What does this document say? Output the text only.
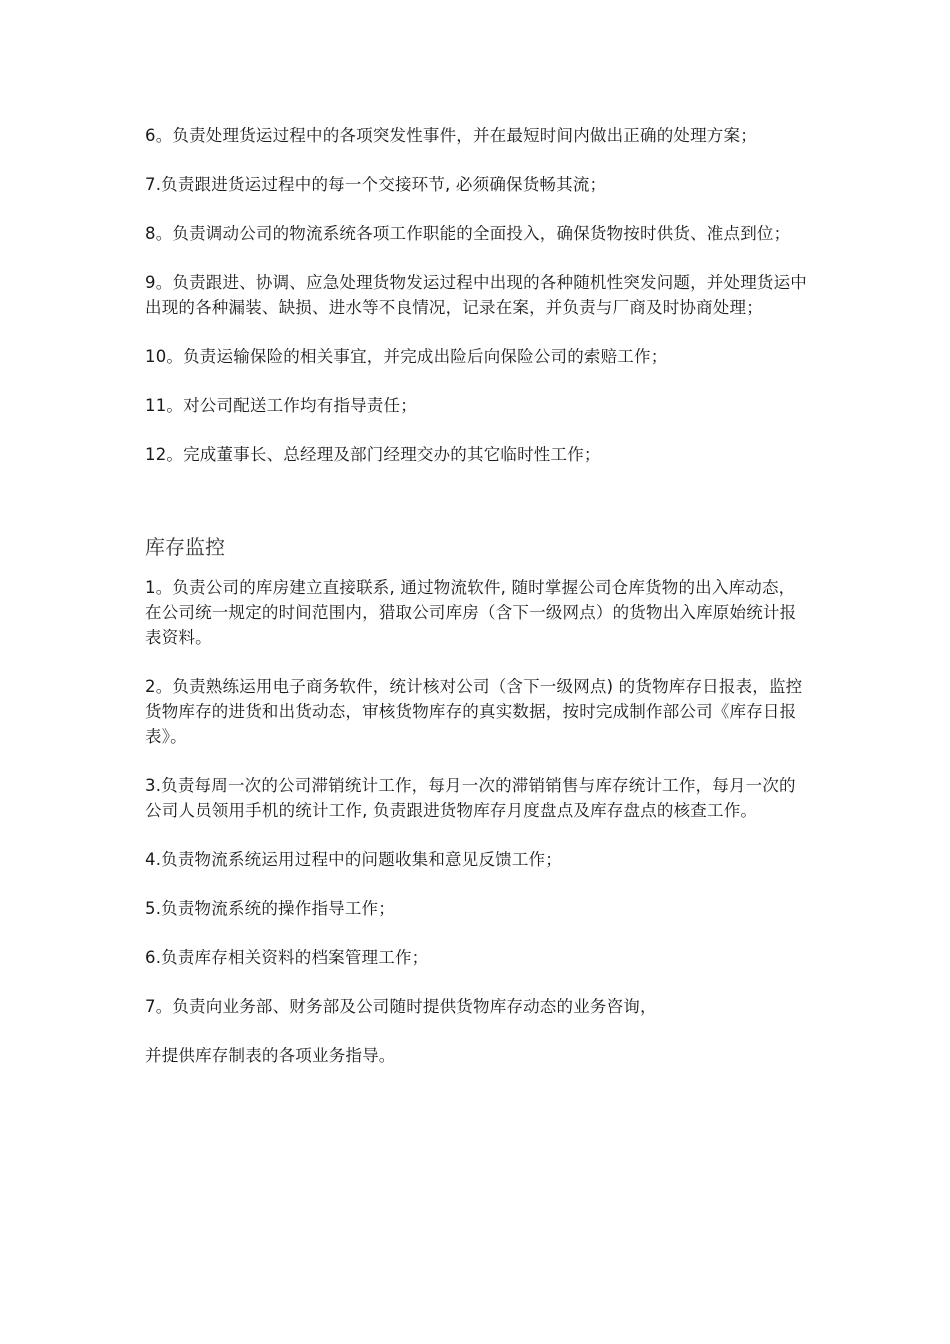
6。负责处理货运过程中的各项突发性事件，并在最短时间内做出正确的处理方案；

7.负责跟进货运过程中的每一个交接环节, 必须确保货畅其流；

8。负责调动公司的物流系统各项工作职能的全面投入，确保货物按时供货、准点到位；

9。负责跟进、协调、应急处理货物发运过程中出现的各种随机性突发问题，并处理货运中出现的各种漏装、缺损、进水等不良情况，记录在案，并负责与厂商及时协商处理；

10。负责运输保险的相关事宜，并完成出险后向保险公司的索赔工作；

11。对公司配送工作均有指导责任；

12。完成董事长、总经理及部门经理交办的其它临时性工作；

库存监控

1。负责公司的库房建立直接联系, 通过物流软件, 随时掌握公司仓库货物的出入库动态，在公司统一规定的时间范围内，猎取公司库房（含下一级网点）的货物出入库原始统计报表资料。

2。负责熟练运用电子商务软件，统计核对公司（含下一级网点) 的货物库存日报表，监控货物库存的进货和出货动态，审核货物库存的真实数据，按时完成制作部公司《库存日报表》。

3.负责每周一次的公司滞销统计工作，每月一次的滞销销售与库存统计工作，每月一次的公司人员领用手机的统计工作, 负责跟进货物库存月度盘点及库存盘点的核查工作。

4.负责物流系统运用过程中的问题收集和意见反馈工作；

5.负责物流系统的操作指导工作；

6.负责库存相关资料的档案管理工作；

7。负责向业务部、财务部及公司随时提供货物库存动态的业务咨询，

并提供库存制表的各项业务指导。
